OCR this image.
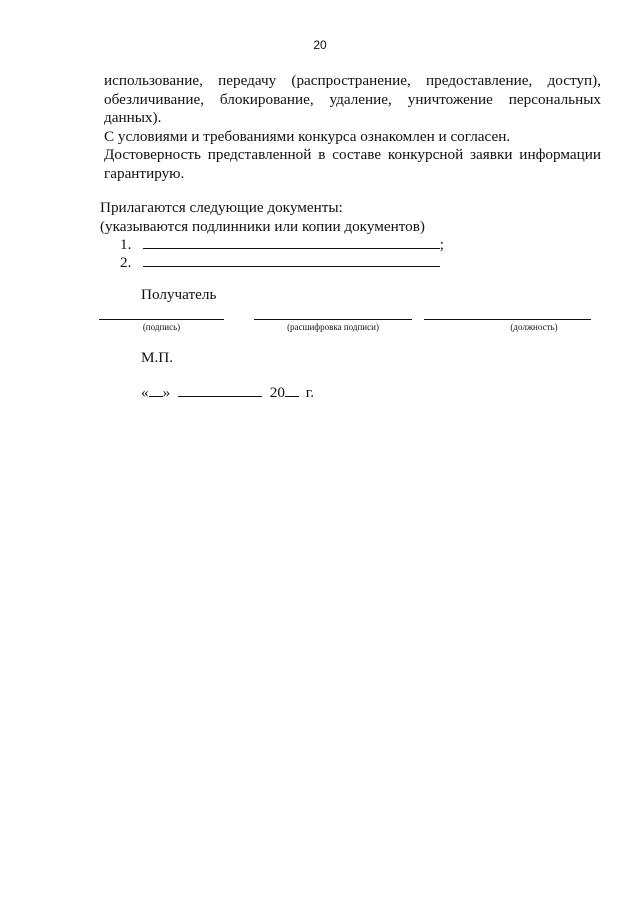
20

использование, передачу (распространение, предоставление, доступ), обезличивание, блокирование, удаление, уничтожение персональных данных).

С условиями и требованиями конкурса ознакомлен и согласен.

Достоверность представленной в составе конкурсной заявки информации гарантирую.

Прилагаются следующие документы:
(указываются подлинники или копии документов)
1.	;
2.
Получатель
(подпись)	(расшифровка подписи)	(должность)
М.П.
« »	20 г.
